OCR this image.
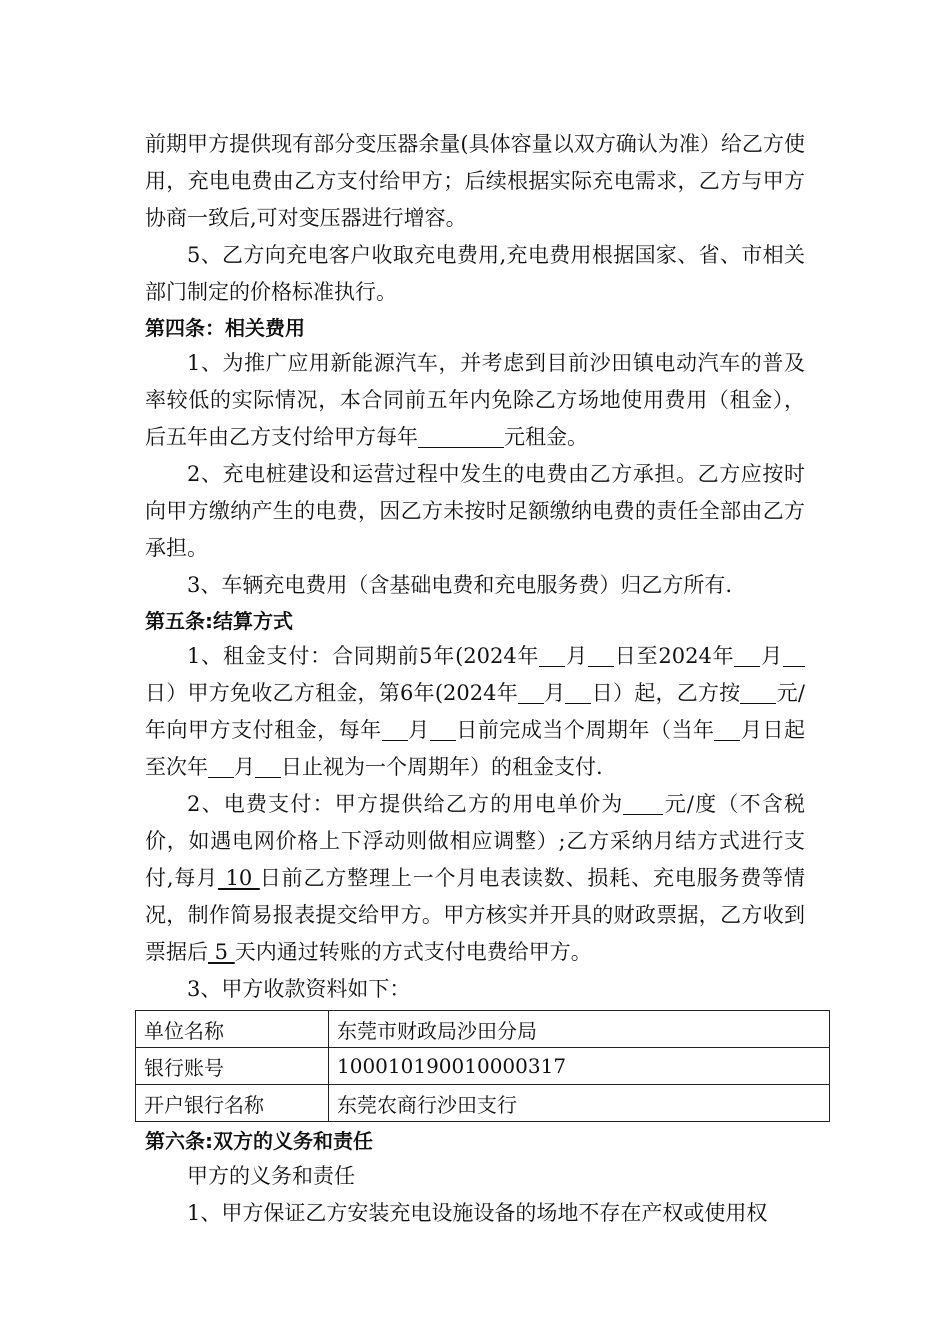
前期甲方提供现有部分变压器余量(具体容量以双方确认为准）给乙方使用，充电电费由乙方支付给甲方；后续根据实际充电需求，乙方与甲方协商一致后,可对变压器进行增容。

5、乙方向充电客户收取充电费用,充电费用根据国家、省、市相关部门制定的价格标准执行。

第四条：相关费用

1、为推广应用新能源汽车，并考虑到目前沙田镇电动汽车的普及率较低的实际情况，本合同前五年内免除乙方场地使用费用（租金），后五年由乙方支付给甲方每年	元租金。

2、充电桩建设和运营过程中发生的电费由乙方承担。乙方应按时向甲方缴纳产生的电费，因乙方未按时足额缴纳电费的责任全部由乙方承担。

3、车辆充电费用（含基础电费和充电服务费）归乙方所有.

第五条:结算方式

1、租金支付：合同期前5年(2024年 月 日至2024年 月日）甲方免收乙方租金，第6年(2024年 月 日）起，乙方按 元/年向甲方支付租金，每年 月 日前完成当个周期年（当年 月日起至次年 月 日止视为一个周期年）的租金支付.

2、电费支付：甲方提供给乙方的用电单价为 元/度（不含税价，如遇电网价格上下浮动则做相应调整）;乙方采纳月结方式进行支付,每月 10 日前乙方整理上一个月电表读数、损耗、充电服务费等情况，制作简易报表提交给甲方。甲方核实并开具的财政票据，乙方收到票据后 5 天内通过转账的方式支付电费给甲方。

3、甲方收款资料如下：

单位名称	东莞市财政局沙田分局
银行账号	100010190010000317
开户银行名称	东莞农商行沙田支行

第六条:双方的义务和责任

甲方的义务和责任

1、甲方保证乙方安装充电设施设备的场地不存在产权或使用权
